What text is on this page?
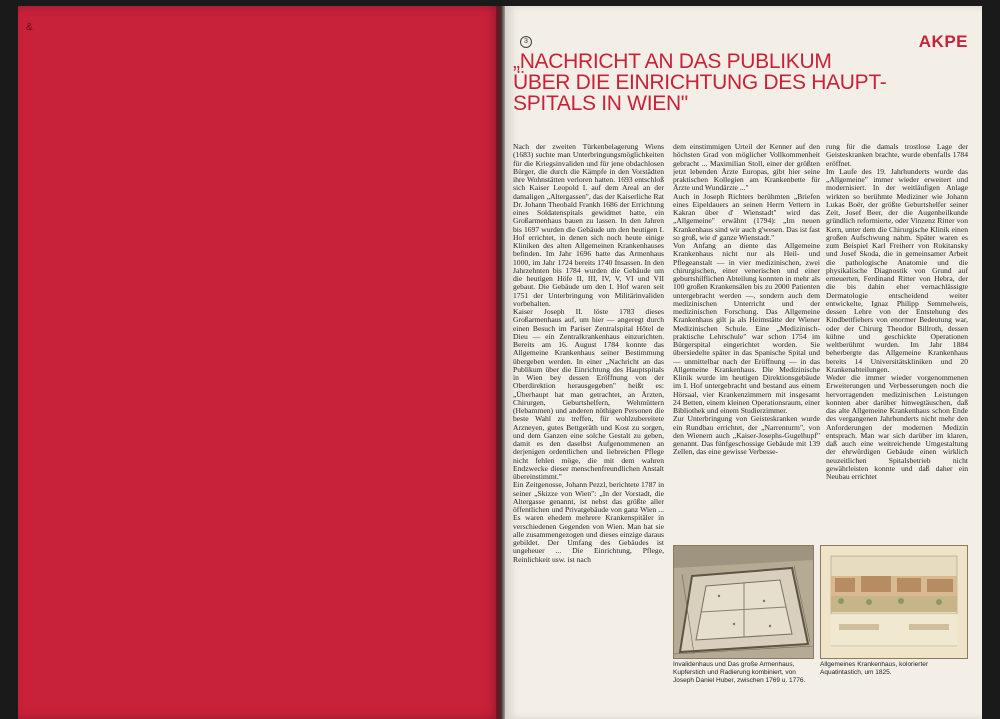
&
3	AKPE
„NACHRICHT AN DAS PUBLIKUM
ÜBER DIE EINRICHTUNG DES HAUPT-
SPITALS IN WIEN"

Nach der zweiten Türkenbelagerung Wiens (1683) suchte man Unterbringungsmöglichkeiten für die Kriegsinvaliden und für jene obdachlosen Bürger, die durch die Kämpfe in den Vorstädten ihre Wohnstätten verloren hatten. 1693 entschloß sich Kaiser Leopold I. auf dem Areal an der damaligen „Altergassen", das der Kaiserliche Rat Dr. Johann Theobald Frankh 1686 der Errichtung eines Soldatenspitals gewidmet hatte, ein Großarmenhaus bauen zu lassen. In den Jahren bis 1697 wurden die Gebäude um den heutigen I. Hof errichtet, in denen sich noch heute einige Kliniken des alten Allgemeinen Krankenhauses befinden. Im Jahr 1696 hatte das Armenhaus 1000, im Jahr 1724 bereits 1740 Insassen. In den Jahrzehnten bis 1784 wurden die Gebäude um die heutigen Höfe II, III, IV, V, VI und VII gebaut. Die Gebäude um den I. Hof waren seit 1751 der Unterbringung von Militärinvaliden vorbehalten.

Kaiser Joseph II. löste 1783 dieses Großarmenhaus auf, um hier — angeregt durch einen Besuch im Pariser Zentralspital Hôtel de Dieu — ein Zentralkrankenhaus einzurichten. Bereits am 16. August 1784 konnte das Allgemeine Krankenhaus seiner Bestimmung übergeben werden. In einer „Nachricht an das Publikum über die Einrichtung des Hauptspitals in Wien bey dessen Eröffnung von der Oberdirektion herausgegeben" heißt es: „Überhaupt hat man getrachtet, an Ärzten, Chirurgen, Geburtshelfern, Wehmüttern (Hebammen) und anderen nöthigen Personen die beste Wahl zu treffen, für wohlzubereitete Arzneyen, gutes Bettgeräth und Kost zu sorgen, und dem Ganzen eine solche Gestalt zu geben, damit es den daselbst Aufgenommenen an derjenigen ordentlichen und liebreichen Pflege nicht fehlen möge, die mit dem wahren Endzwecke dieser menschenfreundlichen Anstalt übereinstimmt."

Ein Zeitgenosse, Johann Pezzl, berichtete 1787 in seiner „Skizze von Wien": „In der Vorstadt, die Altergasse genannt, ist nebst das größte aller öffentlichen und Privatgebäude von ganz Wien ... Es waren ehedem mehrere Krankenspitäler in verschiedenen Gegenden von Wien. Man hat sie alle zusammengezogen und dieses einzige daraus gebildet. Der Umfang des Gebäudes ist ungeheuer ... Die Einrichtung, Pflege, Reinlichkeit usw. ist nach

dem einstimmigen Urteil der Kenner auf den höchsten Grad von möglicher Vollkommenheit gebracht ... Maximilian Stoll, einer der größten jetzt lebenden Ärzte Europas, gibt hier seine praktischen Kollegien am Krankenbette für Ärzte und Wundärzte ..."

Auch in Joseph Richters berühmten „Briefen eines Eipeldauers an seinen Herrn Vettern in Kakran über d' Wienstadt" wird das „Allgemeine" erwähnt (1794): „Im neuen Krankenhaus sind wir auch g'wesen. Das ist fast so groß, wie d' ganze Wienstadt."

Von Anfang an diente das Allgemeine Krankenhaus nicht nur als Heil- und Pflegeanstalt — in vier medizinischen, zwei chirurgischen, einer venerischen und einer geburtshilflichen Abteilung konnten in mehr als 100 großen Krankensälen bis zu 2000 Patienten untergebracht werden —, sondern auch dem medizinischen Unterricht und der medizinischen Forschung. Das Allgemeine Krankenhaus gilt ja als Heimstätte der Wiener Medizinischen Schule. Eine „Medizinisch-praktische Lehrschule" war schon 1754 im Bürgerspital eingerichtet worden. Sie übersiedelte später in das Spanische Spital und — unmittelbar nach der Eröffnung — in das Allgemeine Krankenhaus. Die Medizinische Klinik wurde im heutigen Direktionsgebäude im I. Hof untergebracht und bestand aus einem Hörsaal, vier Krankenzimmern mit insgesamt 24 Betten, einem kleinen Operationsraum, einer Bibliothek und einem Studierzimmer.

Zur Unterbringung von Geisteskranken wurde ein Rundbau errichtet, der „Narrenturm", von den Wienern auch „Kaiser-Josephs-Gugelhupf" genannt. Das fünfgeschossige Gebäude mit 139 Zellen, das eine gewisse Verbesse-

rung für die damals trostlose Lage der Geisteskranken brachte, wurde ebenfalls 1784 eröffnet.

Im Laufe des 19. Jahrhunderts wurde das „Allgemeine" immer wieder erweitert und modernisiert. In der weitläufigen Anlage wirkten so berühmte Mediziner wie Johann Lukas Boër, der größte Geburtshelfer seiner Zeit, Josef Beer, der die Augenheilkunde gründlich reformierte, oder Vinzenz Ritter von Kern, unter dem die Chirurgische Klinik einen großen Aufschwung nahm. Später waren es zum Beispiel Karl Freiherr von Rokitansky und Josef Skoda, die in gemeinsamer Arbeit die pathologische Anatomie und die physikalische Diagnostik von Grund auf erneuerten, Ferdinand Ritter von Hebra, der die bis dahin eher vernachlässigte Dermatologie entscheidend weiter entwickelte, Ignaz Philipp Semmelweis, dessen Lehre von der Entstehung des Kindbettfiebers von enormer Bedeutung war, oder der Chirurg Theodor Billroth, dessen kühne und geschickte Operationen weltberühmt wurden. Im Jahr 1884 beherbergte das Allgemeine Krankenhaus bereits 14 Universitätskliniken und 20 Krankenabteilungen.

Weder die immer wieder vorgenommenen Erweiterungen und Verbesserungen noch die hervorragenden medizinischen Leistungen konnten aber darüber hinwegtäuschen, daß das alte Allgemeine Krankenhaus schon Ende des vergangenen Jahrhunderts nicht mehr den Anforderungen der modernen Medizin entsprach. Man war sich darüber im klaren, daß auch eine weitreichende Umgestaltung der ehrwürdigen Gebäude einen wirklich neuzeitlichen Spitalsbetrieb nicht gewährleisten konnte und daß daher ein Neubau errichtet

Invalidenhaus und Das große Armenhaus, Kupferstich und Radierung kombiniert, von Joseph Daniel Huber, zwischen 1769 u. 1776.
Allgemeines Krankenhaus, kolorierter Aquatintastich, um 1825.
